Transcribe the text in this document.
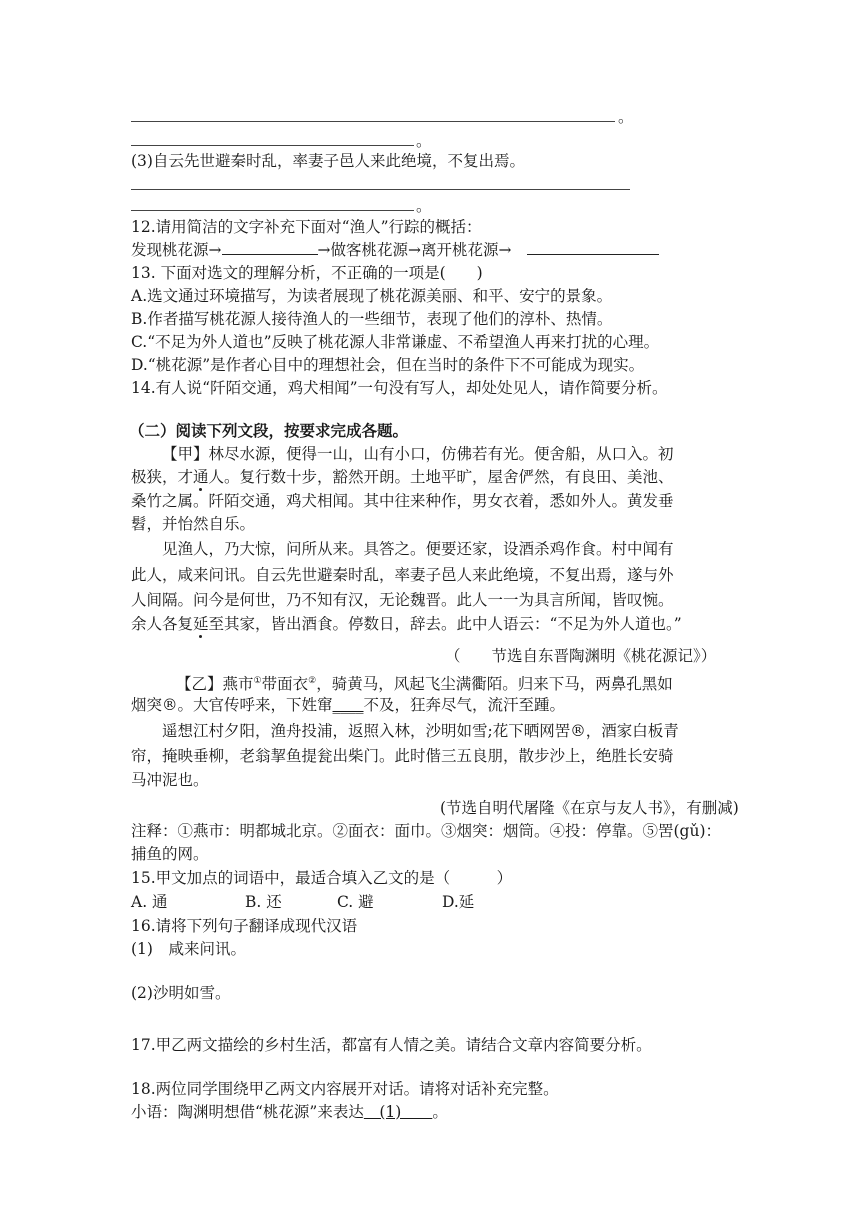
。
。
(3)自云先世避秦时乱，率妻子邑人来此绝境，不复出焉。
。
12.请用简洁的文字补充下面对“渔人”行踪的概括：
发现桃花源→	→做客桃花源→离开桃花源→
13. 下面对选文的理解分析，不正确的一项是(　　)
A.选文通过环境描写，为读者展现了桃花源美丽、和平、安宁的景象。
B.作者描写桃花源人接待渔人的一些细节，表现了他们的淳朴、热情。
C.“不足为外人道也”反映了桃花源人非常谦虚、不希望渔人再来打扰的心理。
D.“桃花源”是作者心目中的理想社会，但在当时的条件下不可能成为现实。
14.有人说“阡陌交通，鸡犬相闻”一句没有写人，却处处见人，请作简要分析。
（二）阅读下列文段，按要求完成各题。
【甲】林尽水源，便得一山，山有小口，仿佛若有光。便舍船，从口入。初
极狭，才通人。复行数十步，豁然开朗。土地平旷，屋舍俨然，有良田、美池、
桑竹之属。阡陌交通，鸡犬相闻。其中往来种作，男女衣着，悉如外人。黄发垂
髫，并怡然自乐。
见渔人，乃大惊，问所从来。具答之。便要还家，设酒杀鸡作食。村中闻有
此人，咸来问讯。自云先世避秦时乱，率妻子邑人来此绝境，不复出焉，遂与外
人间隔。问今是何世，乃不知有汉，无论魏晋。此人一一为具言所闻，皆叹惋。
余人各复延至其家，皆出酒食。停数日，辞去。此中人语云：“不足为外人道也。”
（　　节选自东晋陶渊明《桃花源记》）
【乙】燕市①带面衣②，骑黄马，风起飞尘满衢陌。归来下马，两鼻孔黑如
烟突®。大官传呼来，下姓窜____不及，狂奔尽气，流汗至踵。
遥想江村夕阳，渔舟投浦，返照入林，沙明如雪;花下晒网罟®，酒家白板青
帘，掩映垂柳，老翁挈鱼提瓮出柴门。此时偕三五良朋，散步沙上，绝胜长安骑
马冲泥也。
(节选自明代屠隆《在京与友人书》，有删减)
注释：①燕市：明都城北京。②面衣：面巾。③烟突：烟筒。④投：停靠。⑤罟(gǔ)：
捕鱼的网。
15.甲文加点的词语中，最适合填入乙文的是（　　　）
A. 通	B. 还	C. 避	D.延
16.请将下列句子翻译成现代汉语
(1)　咸来问讯。
(2)沙明如雪。
17.甲乙两文描绘的乡村生活，都富有人情之美。请结合文章内容简要分析。
18.两位同学围绕甲乙两文内容展开对话。请将对话补充完整。
小语：陶渊明想借“桃花源”来表达　(1)　　。
